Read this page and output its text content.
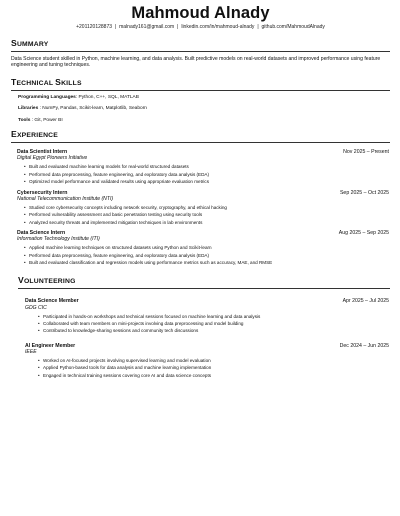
Mahmoud Alnady
+201120128873 | malnady161@gmail.com | linkedin.com/in/mahmoud-alnady | github.com/MahmoudAlnady
SUMMARY
Data Science student skilled in Python, machine learning, and data analysis. Built predictive models on real-world datasets and improved performance using feature engineering and tuning techniques.
TECHNICAL SKILLS
Programming Languages: Python, C++, SQL, MATLAB
Libraries : NumPy, Pandas, Scikit-learn, Matplotlib, Seaborn
Tools : Git, Power BI
EXPERIENCE
Data Scientist Intern	Nov 2025 – Present
Digital Egypt Pioneers Initiative
• Built and evaluated machine learning models for real-world structured datasets
• Performed data preprocessing, feature engineering, and exploratory data analysis (EDA)
• Optimized model performance and validated results using appropriate evaluation metrics
Cybersecurity Intern	Sep 2025 – Oct 2025
National Telecommunication Institute (NTI)
• Studied core cybersecurity concepts including network security, cryptography, and ethical hacking
• Performed vulnerability assessment and basic penetration testing using security tools
• Analyzed security threats and implemented mitigation techniques in lab environments
Data Science Intern	Aug 2025 – Sep 2025
Information Technology Institute (ITI)
• Applied machine learning techniques on structured datasets using Python and Scikit-learn
• Performed data preprocessing, feature engineering, and exploratory data analysis (EDA)
• Built and evaluated classification and regression models using performance metrics such as accuracy, MAE, and RMSE
VOLUNTEERING
Data Science Member	Apr 2025 – Jul 2025
GDG CIC
• Participated in hands-on workshops and technical sessions focused on machine learning and data analysis
• Collaborated with team members on mini-projects involving data preprocessing and model building
• Contributed to knowledge-sharing sessions and community tech discussions
AI Engineer Member	Dec 2024 – Jun 2025
IEEE
• Worked on AI-focused projects involving supervised learning and model evaluation
• Applied Python-based tools for data analysis and machine learning implementation
• Engaged in technical training sessions covering core AI and data science concepts
